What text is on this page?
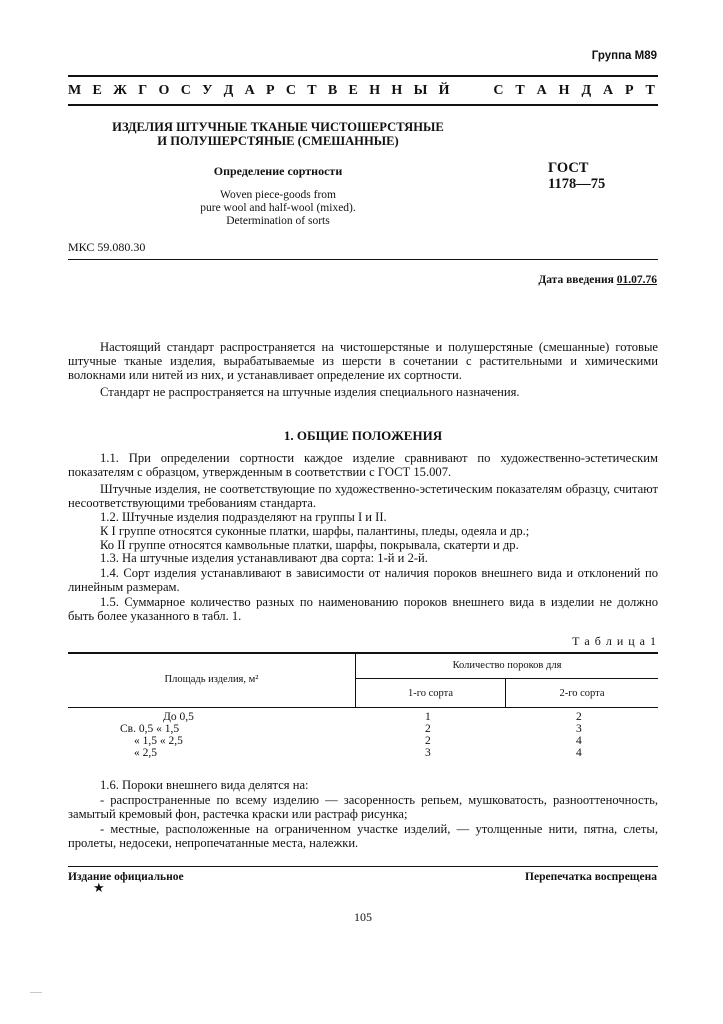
Группа М89
М Е Ж Г О С У Д А Р С Т В Е Н Н Ы Й	С Т А Н Д А Р Т
ИЗДЕЛИЯ ШТУЧНЫЕ ТКАНЫЕ ЧИСТОШЕРСТЯНЫЕ
И ПОЛУШЕРСТЯНЫЕ (СМЕШАННЫЕ)
Определение сортности
Woven piece-goods from
pure wool and half-wool (mixed).
Determination of sorts
ГОСТ
1178—75
МКС 59.080.30
Дата введения 01.07.76
Настоящий стандарт распространяется на чистошерстяные и полушерстяные (смешанные) готовые штучные тканые изделия, вырабатываемые из шерсти в сочетании с растительными и химическими волокнами или нитей из них, и устанавливает определение их сортности.
Стандарт не распространяется на штучные изделия специального назначения.
1. ОБЩИЕ ПОЛОЖЕНИЯ
1.1. При определении сортности каждое изделие сравнивают по художественно-эстетическим показателям с образцом, утвержденным в соответствии с ГОСТ 15.007.
Штучные изделия, не соответствующие по художественно-эстетическим показателям образцу, считают несоответствующими требованиям стандарта.
1.2. Штучные изделия подразделяют на группы I и II.
К I группе относятся суконные платки, шарфы, палантины, пледы, одеяла и др.;
Ко II группе относятся камвольные платки, шарфы, покрывала, скатерти и др.
1.3. На штучные изделия устанавливают два сорта: 1-й и 2-й.
1.4. Сорт изделия устанавливают в зависимости от наличия пороков внешнего вида и отклонений по линейным размерам.
1.5. Суммарное количество разных по наименованию пороков внешнего вида в изделии не должно быть более указанного в табл. 1.
Т а б л и ц а 1
Площадь изделия, м²
Количество пороков для
1-го сорта	2-го сорта
До 0,5	1	2
Св. 0,5 « 1,5	2	3
« 1,5 « 2,5	2	4
« 2,5	3	4
1.6. Пороки внешнего вида делятся на:
- распространенные по всему изделию — засоренность репьем, мушковатость, разнооттеночность, замытый кремовый фон, растечка краски или растраф рисунка;
- местные, расположенные на ограниченном участке изделий, — утолщенные нити, пятна, слеты, пролеты, недосеки, непропечатанные места, належки.
Издание официальное	Перепечатка воспрещена
★
105
——
